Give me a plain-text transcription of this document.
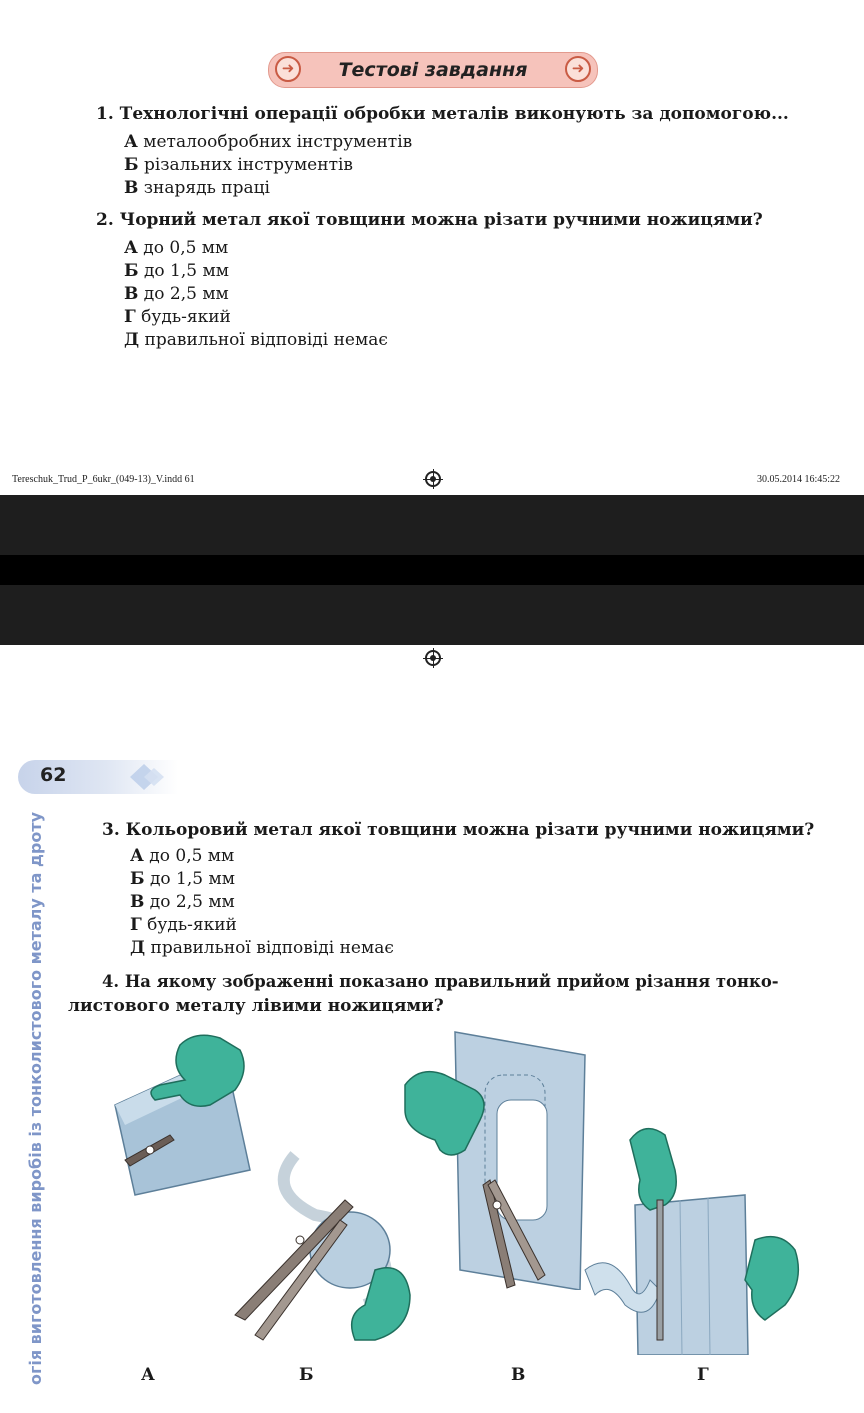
➜	Тестові завдання	➜
1. Технологічні операції обробки металів виконують за допомогою...
А металообробних інструментів
Б різальних інструментів
В знарядь праці
2. Чорний метал якої товщини можна різати ручними ножицями?
А до 0,5 мм
Б до 1,5 мм
В до 2,5 мм
Г будь-який
Д правильної відповіді немає
Tereschuk_Trud_P_6ukr_(049-13)_V.indd 61	30.05.2014 16:45:22
62
огія виготовлення виробів із тонколистового металу та дроту	3. Кольоровий метал якої товщини можна різати ручними ножицями?
А до 0,5 мм
Б до 1,5 мм
В до 2,5 мм
Г будь-який
Д правильної відповіді немає
4. На якому зображенні показано правильний прийом різання тонко-
листового металу лівими ножицями?
А	Б	В	Г
